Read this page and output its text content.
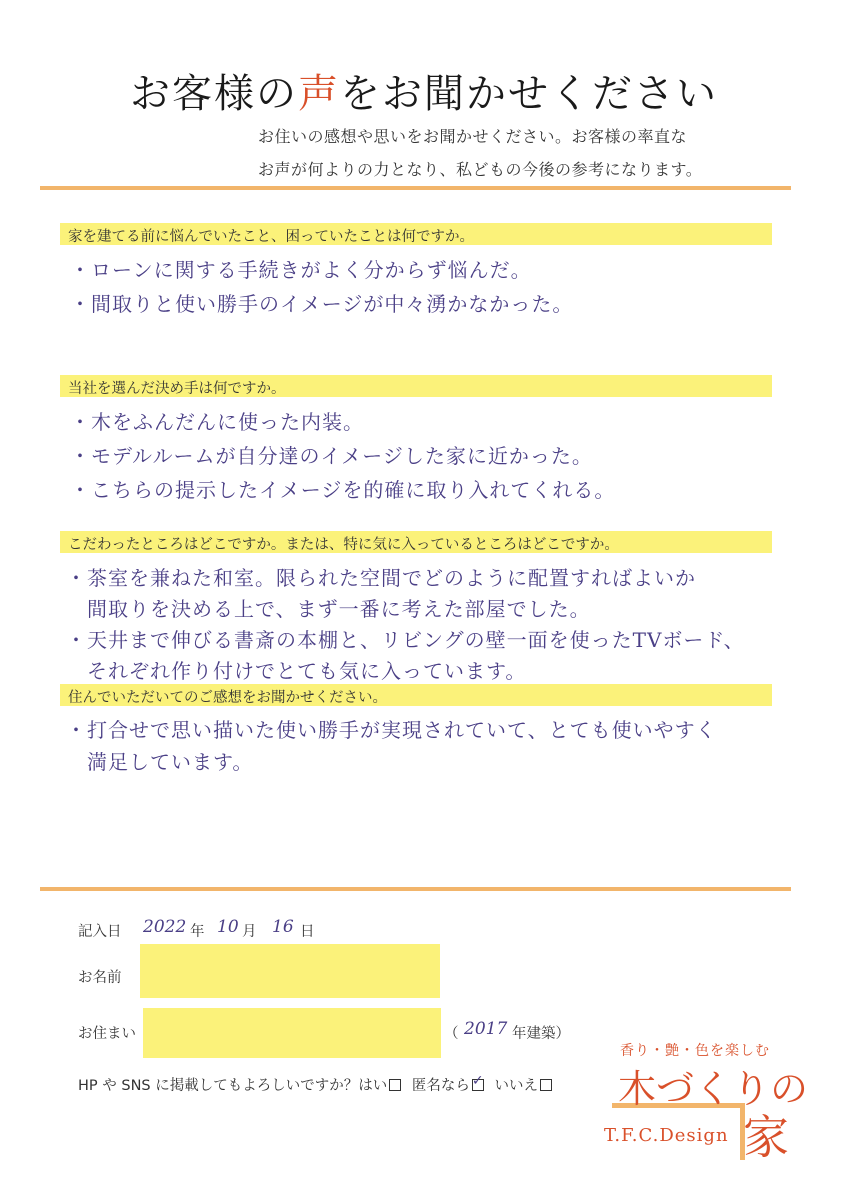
お客様の声をお聞かせください
お住いの感想や思いをお聞かせください。お客様の率直な
お声が何よりの力となり、私どもの今後の参考になります。
家を建てる前に悩んでいたこと、困っていたことは何ですか。
・ローンに関する手続きがよく分からず悩んだ。
・間取りと使い勝手のイメージが中々湧かなかった。
当社を選んだ決め手は何ですか。
・木をふんだんに使った内装。
・モデルルームが自分達のイメージした家に近かった。
・こちらの提示したイメージを的確に取り入れてくれる。
こだわったところはどこですか。または、特に気に入っているところはどこですか。
・茶室を兼ねた和室。限られた空間でどのように配置すればよいか
　間取りを決める上で、まず一番に考えた部屋でした。
・天井まで伸びる書斎の本棚と、リビングの壁一面を使ったTVボード、
　それぞれ作り付けでとても気に入っています。
住んでいただいてのご感想をお聞かせください。
・打合せで思い描いた使い勝手が実現されていて、とても使いやすく
　満足しています。
記入日 2022 年 10 月 16 日
お名前
お住まい	（ 2017 年建築）
HP や SNS に掲載してもよろしいですか？はい 匿名なら ✓ いいえ
香り・艶・色を楽しむ
木づくりの
家
T.F.C.Design
